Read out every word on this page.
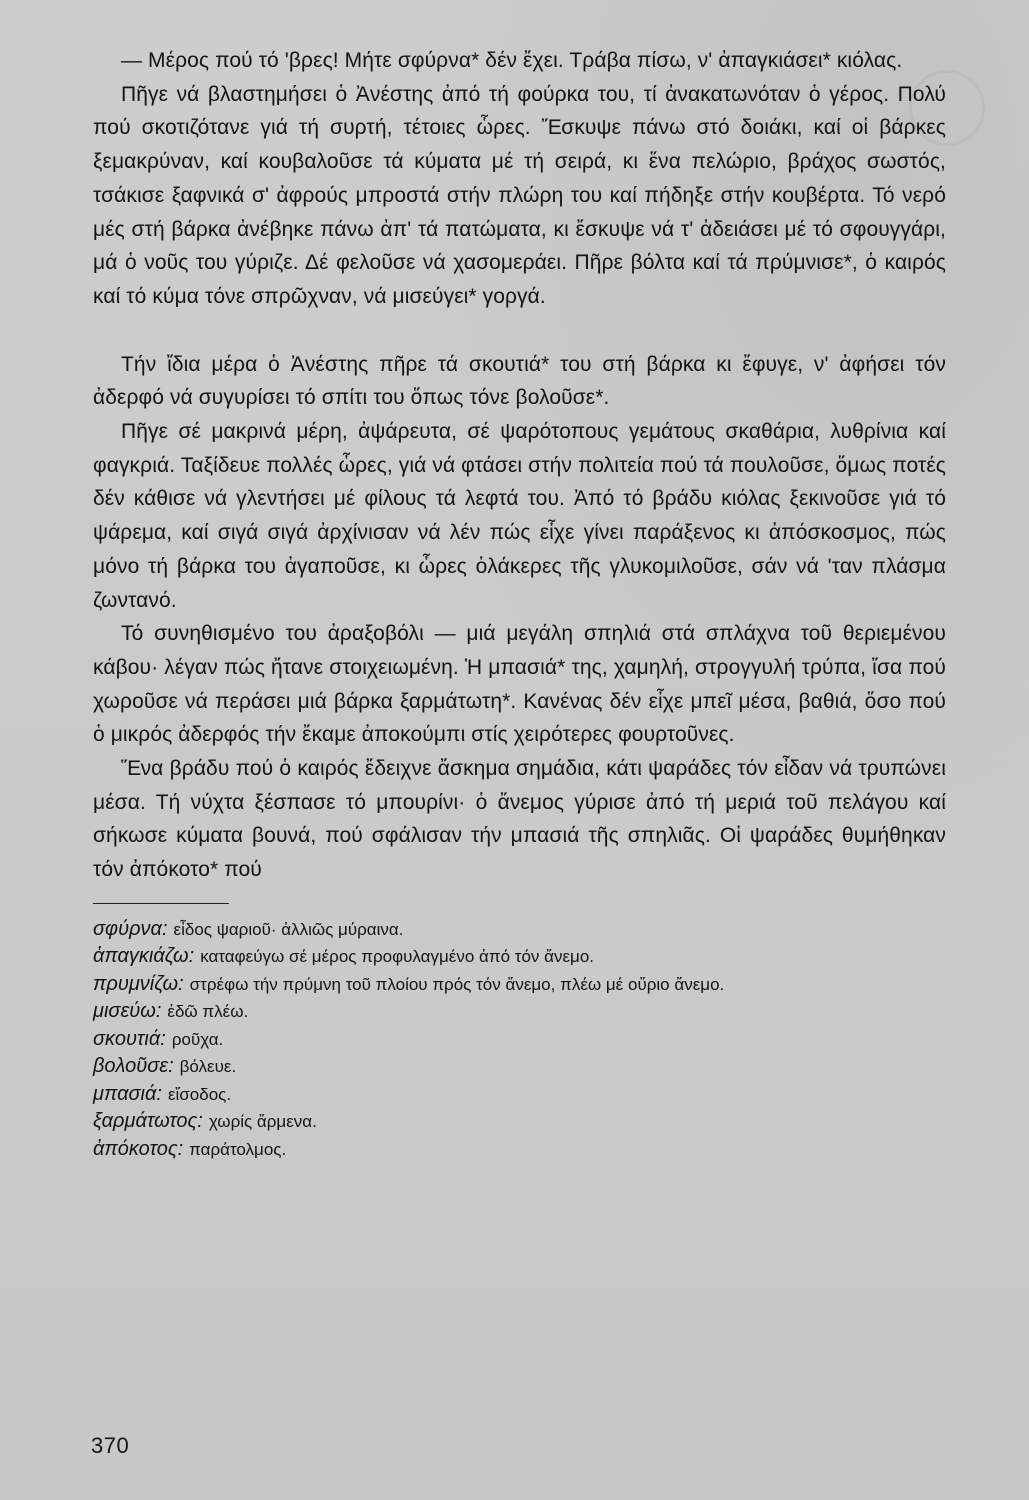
— Μέρος πού τό 'βρες! Μήτε σφύρνα* δέν ἔχει. Τράβα πίσω, ν' ἀπαγκιάσει* κιόλας.

Πῆγε νά βλαστημήσει ὁ Ἀνέστης ἀπό τή φούρκα του, τί ἀνακατωνόταν ὁ γέρος. Πολύ πού σκοτιζότανε γιά τή συρτή, τέτοιες ὧρες. Ἔσκυψε πάνω στό δοιάκι, καί οἱ βάρκες ξεμακρύναν, καί κουβαλοῦσε τά κύματα μέ τή σειρά, κι ἕνα πελώριο, βράχος σωστός, τσάκισε ξαφνικά σ' ἀφρούς μπροστά στήν πλώρη του καί πήδηξε στήν κουβέρτα. Τό νερό μές στή βάρκα ἀνέβηκε πάνω ἀπ' τά πατώματα, κι ἔσκυψε νά τ' ἀδειάσει μέ τό σφουγγάρι, μά ὁ νοῦς του γύριζε. Δέ φελοῦσε νά χασομεράει. Πῆρε βόλτα καί τά πρύμνισε*, ὁ καιρός καί τό κύμα τόνε σπρῶχναν, νά μισεύγει* γοργά.

Τήν ἴδια μέρα ὁ Ἀνέστης πῆρε τά σκουτιά* του στή βάρκα κι ἔφυγε, ν' ἀφήσει τόν ἀδερφό νά συγυρίσει τό σπίτι του ὅπως τόνε βολοῦσε*.

Πῆγε σέ μακρινά μέρη, ἀψάρευτα, σέ ψαρότοπους γεμάτους σκαθάρια, λυθρίνια καί φαγκριά. Ταξίδευε πολλές ὧρες, γιά νά φτάσει στήν πολιτεία πού τά πουλοῦσε, ὅμως ποτές δέν κάθισε νά γλεντήσει μέ φίλους τά λεφτά του. Ἀπό τό βράδυ κιόλας ξεκινοῦσε γιά τό ψάρεμα, καί σιγά σιγά ἀρχίνισαν νά λέν πώς εἶχε γίνει παράξενος κι ἀπόσκοσμος, πώς μόνο τή βάρκα του ἀγαποῦσε, κι ὧρες ὁλάκερες τῆς γλυκομιλοῦσε, σάν νά 'ταν πλάσμα ζωντανό.

Τό συνηθισμένο του ἀραξοβόλι — μιά μεγάλη σπηλιά στά σπλάχνα τοῦ θεριεμένου κάβου· λέγαν πώς ἤτανε στοιχειωμένη. Ἡ μπασιά* της, χαμηλή, στρογγυλή τρύπα, ἴσα πού χωροῦσε νά περάσει μιά βάρκα ξαρμάτωτη*. Κανένας δέν εἶχε μπεῖ μέσα, βαθιά, ὅσο πού ὁ μικρός ἀδερφός τήν ἔκαμε ἀποκούμπι στίς χειρότερες φουρτοῦνες.

Ἕνα βράδυ πού ὁ καιρός ἔδειχνε ἄσκημα σημάδια, κάτι ψαράδες τόν εἶδαν νά τρυπώνει μέσα. Τή νύχτα ξέσπασε τό μπουρίνι· ὁ ἄνεμος γύρισε ἀπό τή μεριά τοῦ πελάγου καί σήκωσε κύματα βουνά, πού σφάλισαν τήν μπασιά τῆς σπηλιᾶς. Οἱ ψαράδες θυμήθηκαν τόν ἀπόκοτο* πού

σφύρνα: εἶδος ψαριοῦ· ἀλλιῶς μύραινα.
ἀπαγκιάζω: καταφεύγω σέ μέρος προφυλαγμένο ἀπό τόν ἄνεμο.
πρυμνίζω: στρέφω τήν πρύμνη τοῦ πλοίου πρός τόν ἄνεμο, πλέω μέ οὔριο ἄνεμο.
μισεύω: ἐδῶ πλέω.
σκουτιά: ροῦχα.
βολοῦσε: βόλευε.
μπασιά: εἴσοδος.
ξαρμάτωτος: χωρίς ἄρμενα.
ἀπόκοτος: παράτολμος.
370
